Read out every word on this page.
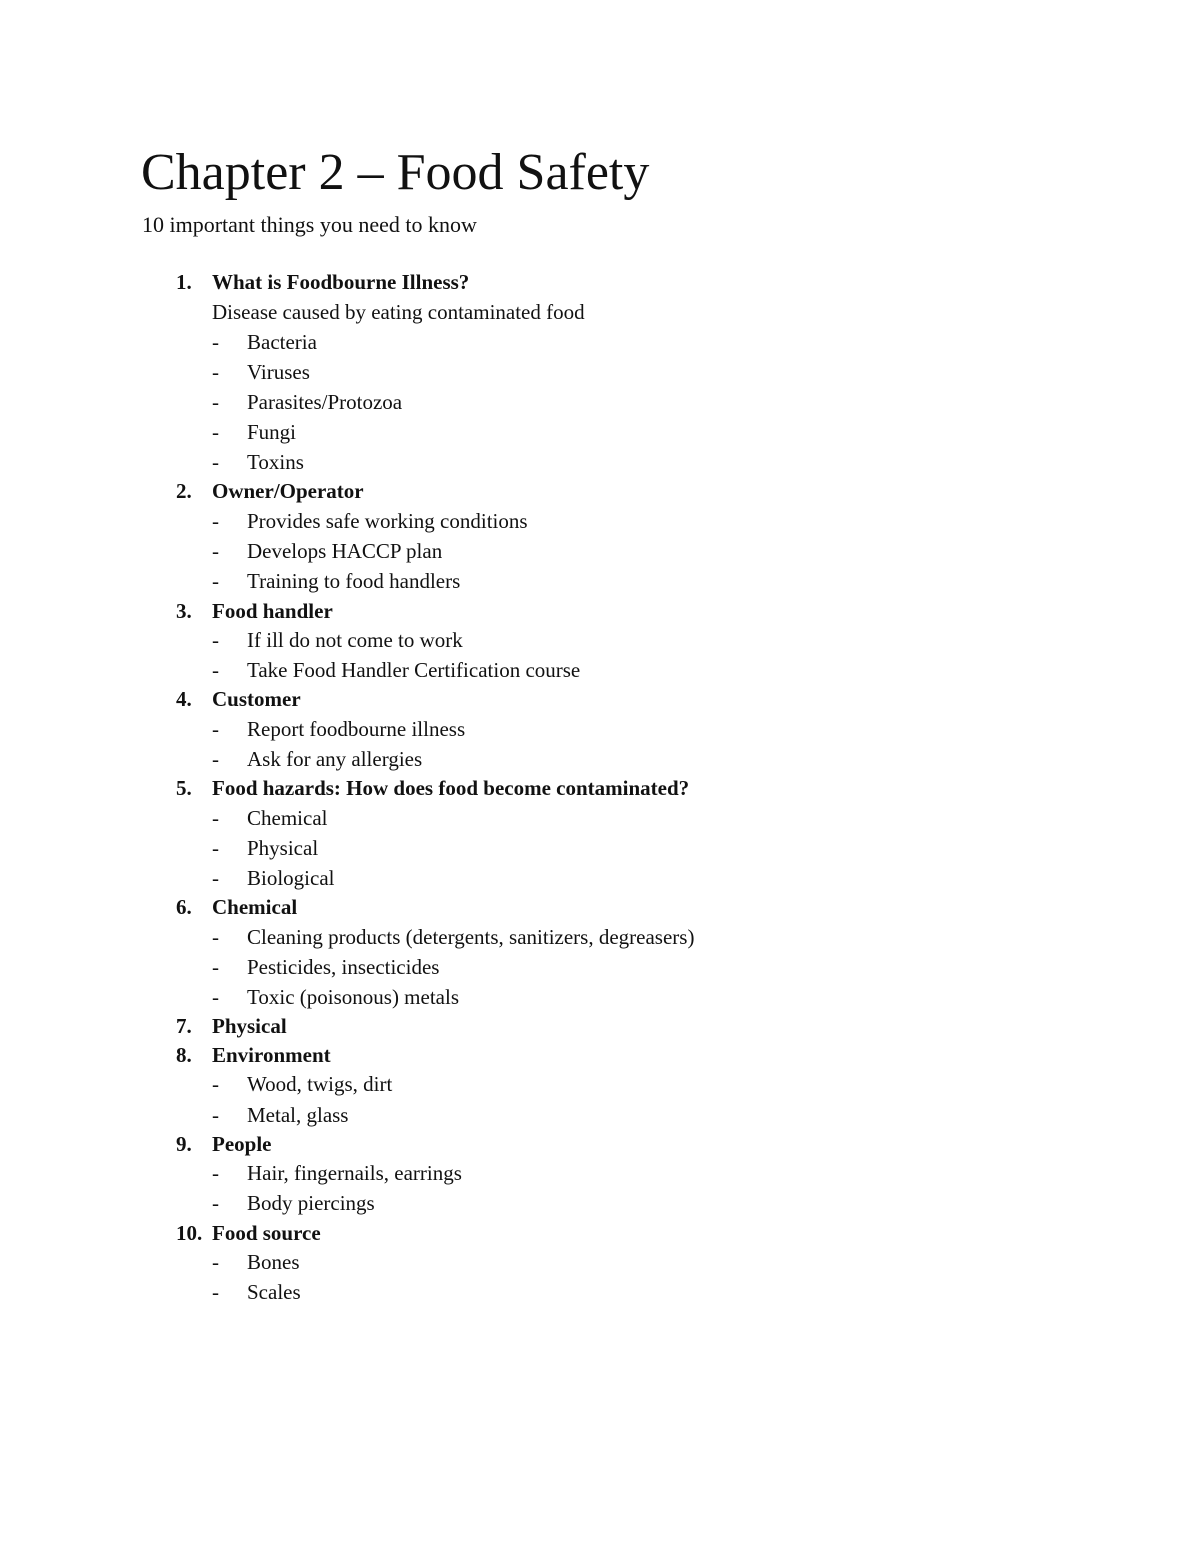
Chapter 2 – Food Safety

10 important things you need to know

1. What is Foodbourne Illness?
Disease caused by eating contaminated food
- Bacteria
- Viruses
- Parasites/Protozoa
- Fungi
- Toxins
2. Owner/Operator
- Provides safe working conditions
- Develops HACCP plan
- Training to food handlers
3. Food handler
- If ill do not come to work
- Take Food Handler Certification course
4. Customer
- Report foodbourne illness
- Ask for any allergies
5. Food hazards: How does food become contaminated?
- Chemical
- Physical
- Biological
6. Chemical
- Cleaning products (detergents, sanitizers, degreasers)
- Pesticides, insecticides
- Toxic (poisonous) metals
7. Physical
8. Environment
- Wood, twigs, dirt
- Metal, glass
9. People
- Hair, fingernails, earrings
- Body piercings
10. Food source
- Bones
- Scales
